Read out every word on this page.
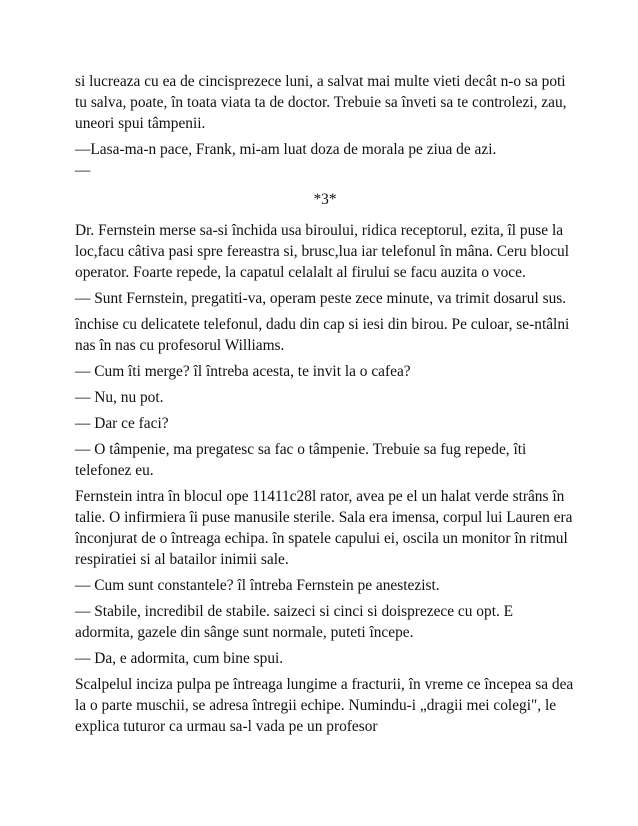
si lucreaza cu ea de cincisprezece luni, a salvat mai multe vieti decât n-o sa poti tu salva, poate, în toata viata ta de doctor. Trebuie sa înveti sa te controlezi, zau, uneori spui tâmpenii.

—Lasa-ma-n pace, Frank, mi-am luat doza de morala pe ziua de azi.

—

*3*

Dr. Fernstein merse sa-si închida usa biroului, ridica receptorul, ezita, îl puse la loc,facu câtiva pasi spre fereastra si, brusc,lua iar telefonul în mâna. Ceru blocul operator. Foarte repede, la capatul celalalt al firului se facu auzita o voce.

— Sunt Fernstein, pregatiti-va, operam peste zece minute, va trimit dosarul sus.

închise cu delicatete telefonul, dadu din cap si iesi din birou. Pe culoar, se-ntâlni nas în nas cu profesorul Williams.

— Cum îti merge? îl întreba acesta, te invit la o cafea?

— Nu, nu pot.

— Dar ce faci?

— O tâmpenie, ma pregatesc sa fac o tâmpenie. Trebuie sa fug repede, îti telefonez eu.

Fernstein intra în blocul ope 11411c28l rator, avea pe el un halat verde strâns în talie. O infirmiera îi puse manusile sterile. Sala era imensa, corpul lui Lauren era înconjurat de o întreaga echipa. în spatele capului ei, oscila un monitor în ritmul respiratiei si al batailor inimii sale.

— Cum sunt constantele? îl întreba Fernstein pe anestezist.

— Stabile, incredibil de stabile. saizeci si cinci si doisprezece cu opt. E adormita, gazele din sânge sunt normale, puteti începe.

— Da, e adormita, cum bine spui.

Scalpelul inciza pulpa pe întreaga lungime a fracturii, în vreme ce începea sa dea la o parte muschii, se adresa întregii echipe. Numindu-i „dragii mei colegi", le explica tuturor ca urmau sa-l vada pe un profesor
